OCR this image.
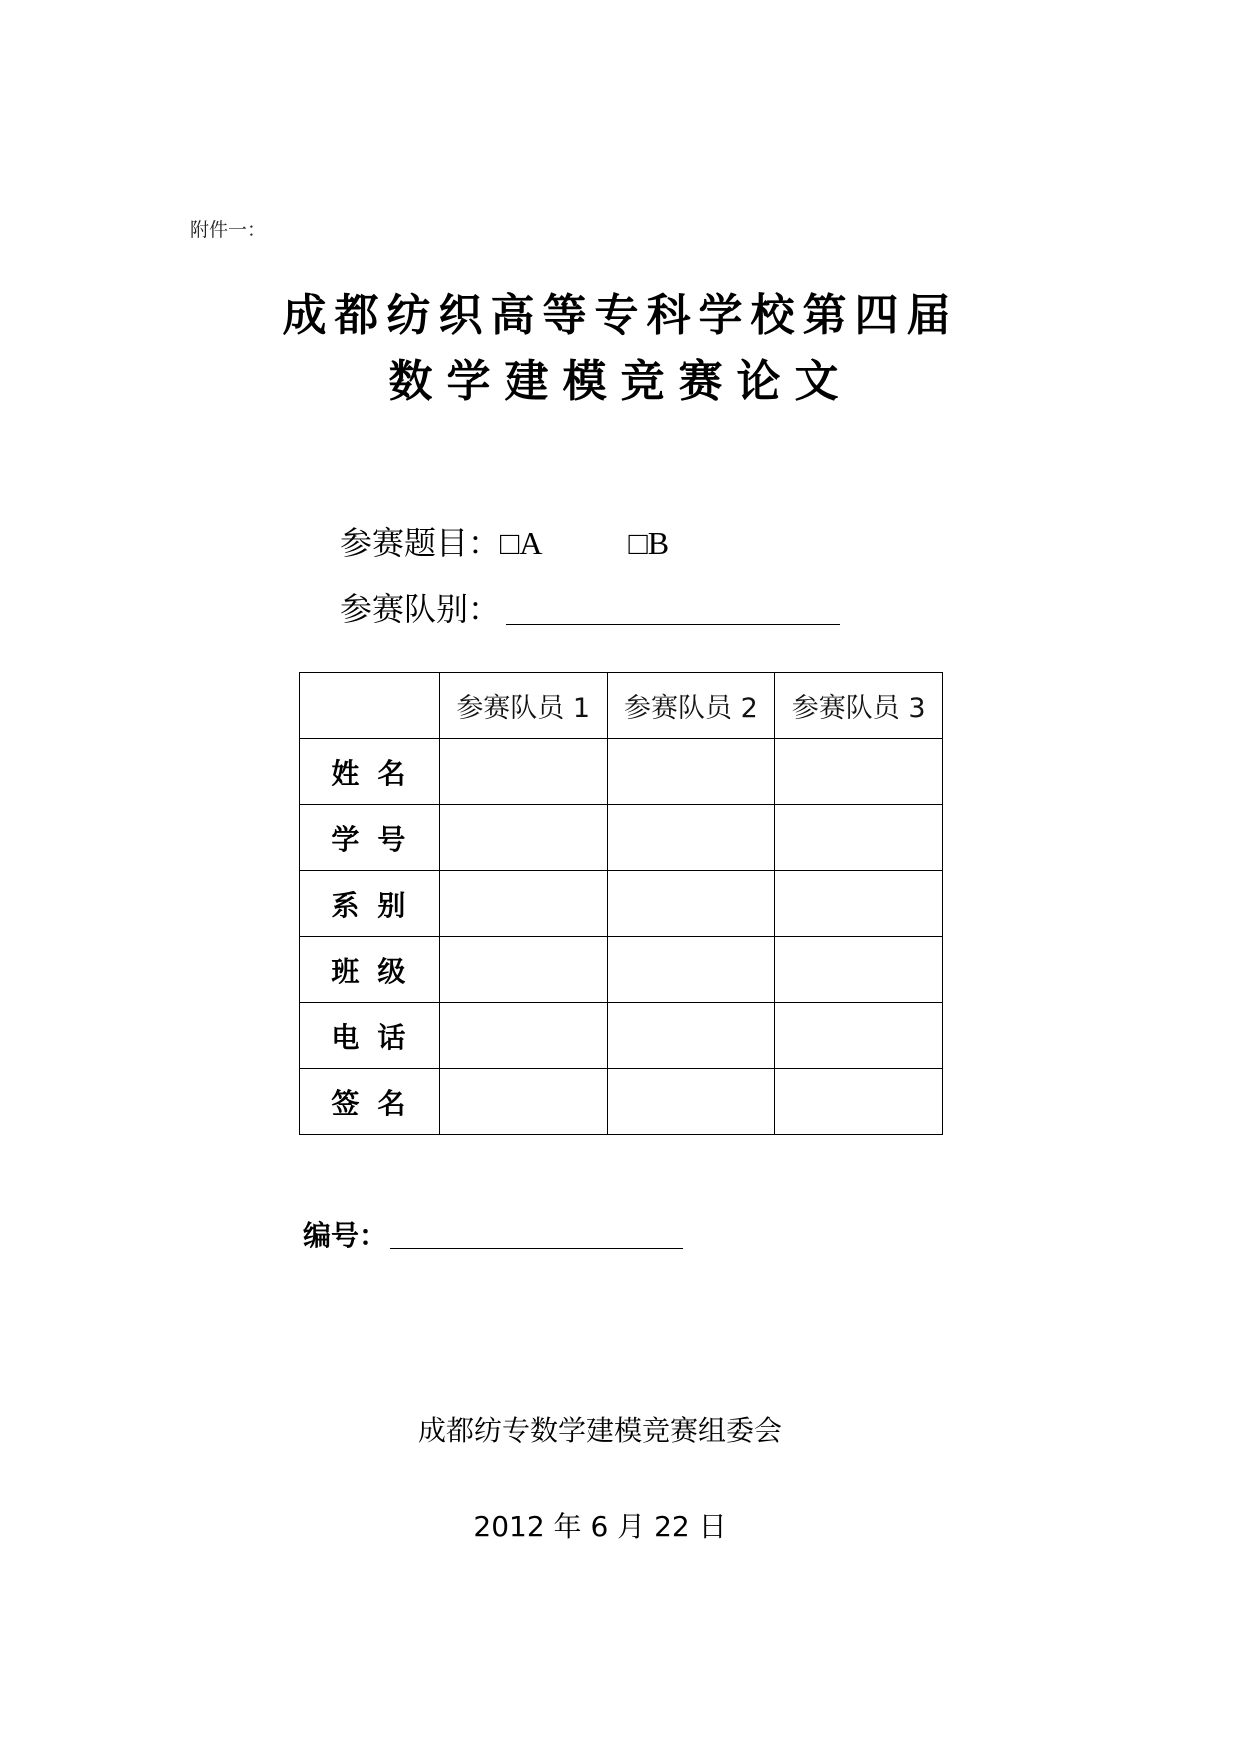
附件一：
成都纺织高等专科学校第四届
数学建模竞赛论文
参赛题目：□A	□B
参赛队别：
	参赛队员 1	参赛队员 2	参赛队员 3
姓名			
学号			
系别			
班级			
电话			
签名			
编号：
成都纺专数学建模竞赛组委会
2012 年 6 月 22 日
